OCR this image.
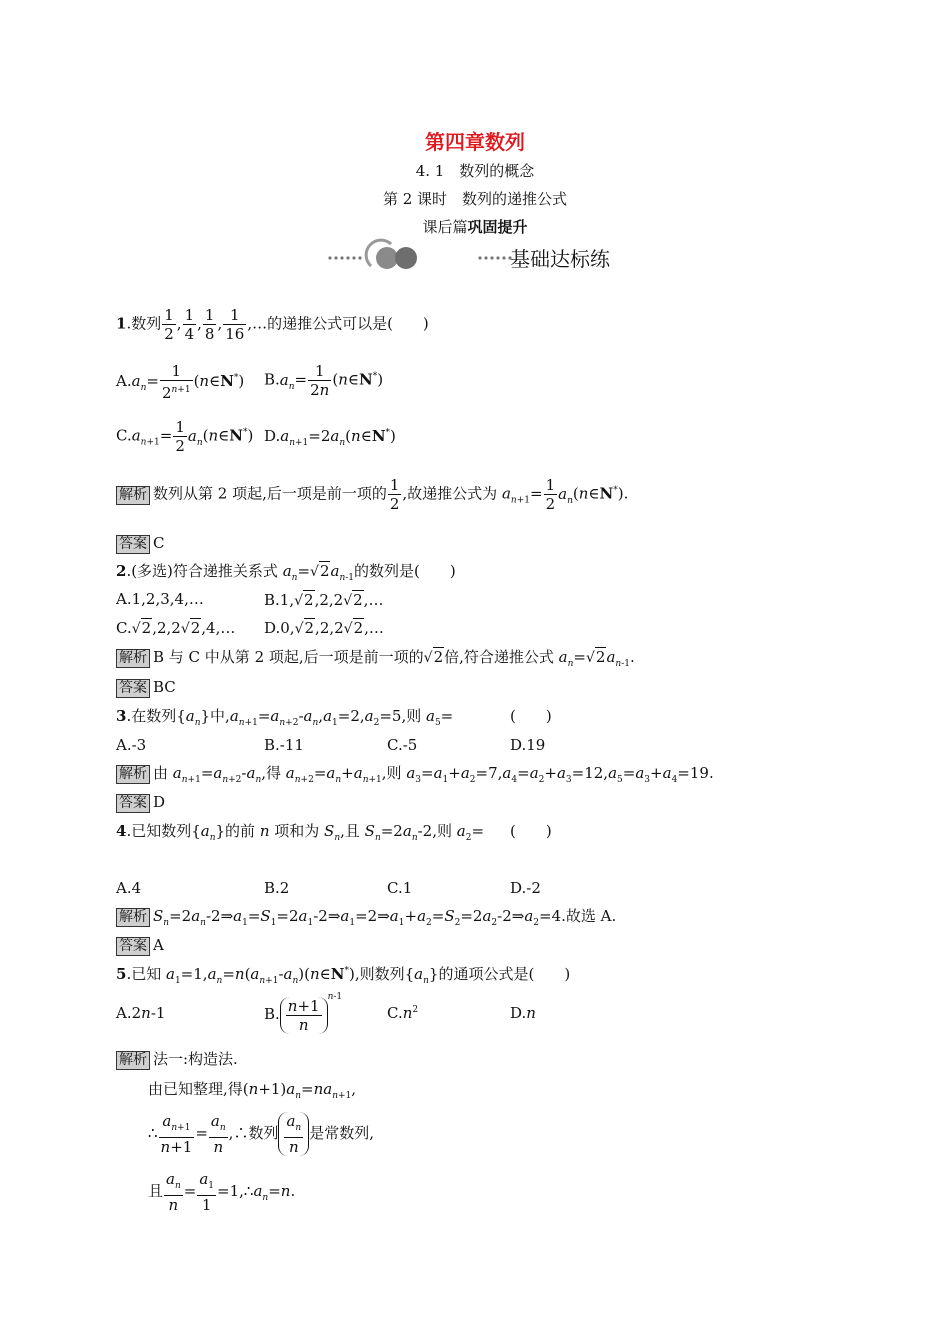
第四章数列
4. 1　数列的概念
第 2 课时　数列的递推公式
课后篇巩固提升
基础达标练
1.数列 $\frac{1}{2}$ , $\frac{1}{4}$ , $\frac{1}{8}$ , $\frac{1}{16}$ ,…的递推公式可以是(　　)
$A.a_n= \frac{1}{2^{n+1}}$ (n∈N*) $B.a_n= \frac{1}{2n}$ (n∈N*)
$C.a_{n+1}= \frac{1}{2}$ $a_n(n\in N^*)$ $D.a_{n+1}=2a_n(n\in N^*)$
解析 数列从第 2 项起,后一项是前一项的 $\frac{1}{2}$ ,故递推公式为 $a_{n+1}= \frac{1}{2}$ $a_n(n\in N^*)$.
答案 C
2.(多选)符合递推关系式 $a_n=√2a_{n-1}$的数列是(　　)
A.1,2,3,4,…	B.1,√2,2,2√2,…
C.√2,2,2√2,4,… D.0,√2,2,2√2,…
解析 B 与 C 中从第 2 项起,后一项是前一项的√2倍,符合递推公式 $a_n=√2a_{n-1}$.
答案 BC
3.在数列$\{a_n\}$中$,a_{n+1}=a_{n+2}-a_n,a_1=2,a_2=5$,则 $a_5=$	(　　)
A.-3	B.-11	C.-5	D.19
解析 由 $a_{n+1}=a_{n+2}-a_n$,得 $a_{n+2}=a_n+a_{n+1}$,则 $a_3=a_1+a_2=7,a_4=a_2+a_3=12,a_5=a_3+a_4=19$.
答案 D
4.已知数列$\{a_n\}$的前 n 项和为 $S_n$,且 $S_n=2a_n-2$,则 $a_2=$ (　　)
A.4	B.2	C.1	D.-2
解析 $S_n=2a_n-2\Rightarrow a_1=S_1=2a_1-2\Rightarrow a_1=2\Rightarrow a_1+a_2=S_2=2a_2-2\Rightarrow a_2=4$.故选 A.
答案 A
5.已知 $a_1=1,a_n=n(a_{n+1}-a_n)(n\in N^*)$,则数列$\{a_n\}$的通项公式是(　　)
A.2n-1	B. $\frac{n+1}{n} ^{n-1}$
$C.n^2$	D.n
解析 法一:构造法.
由已知整理,得$(n+1)a_n=na_{n+1}$,
∴ $\frac{a_{n+1}}{n+1} = \frac{a_n}{n}$ ,∴数列 $\frac{a_n}{n}$ 是常数列,
且 $\frac{a_n}{n} = \frac{a_1}{1}$ $=1,\therefore a_n=n$.
